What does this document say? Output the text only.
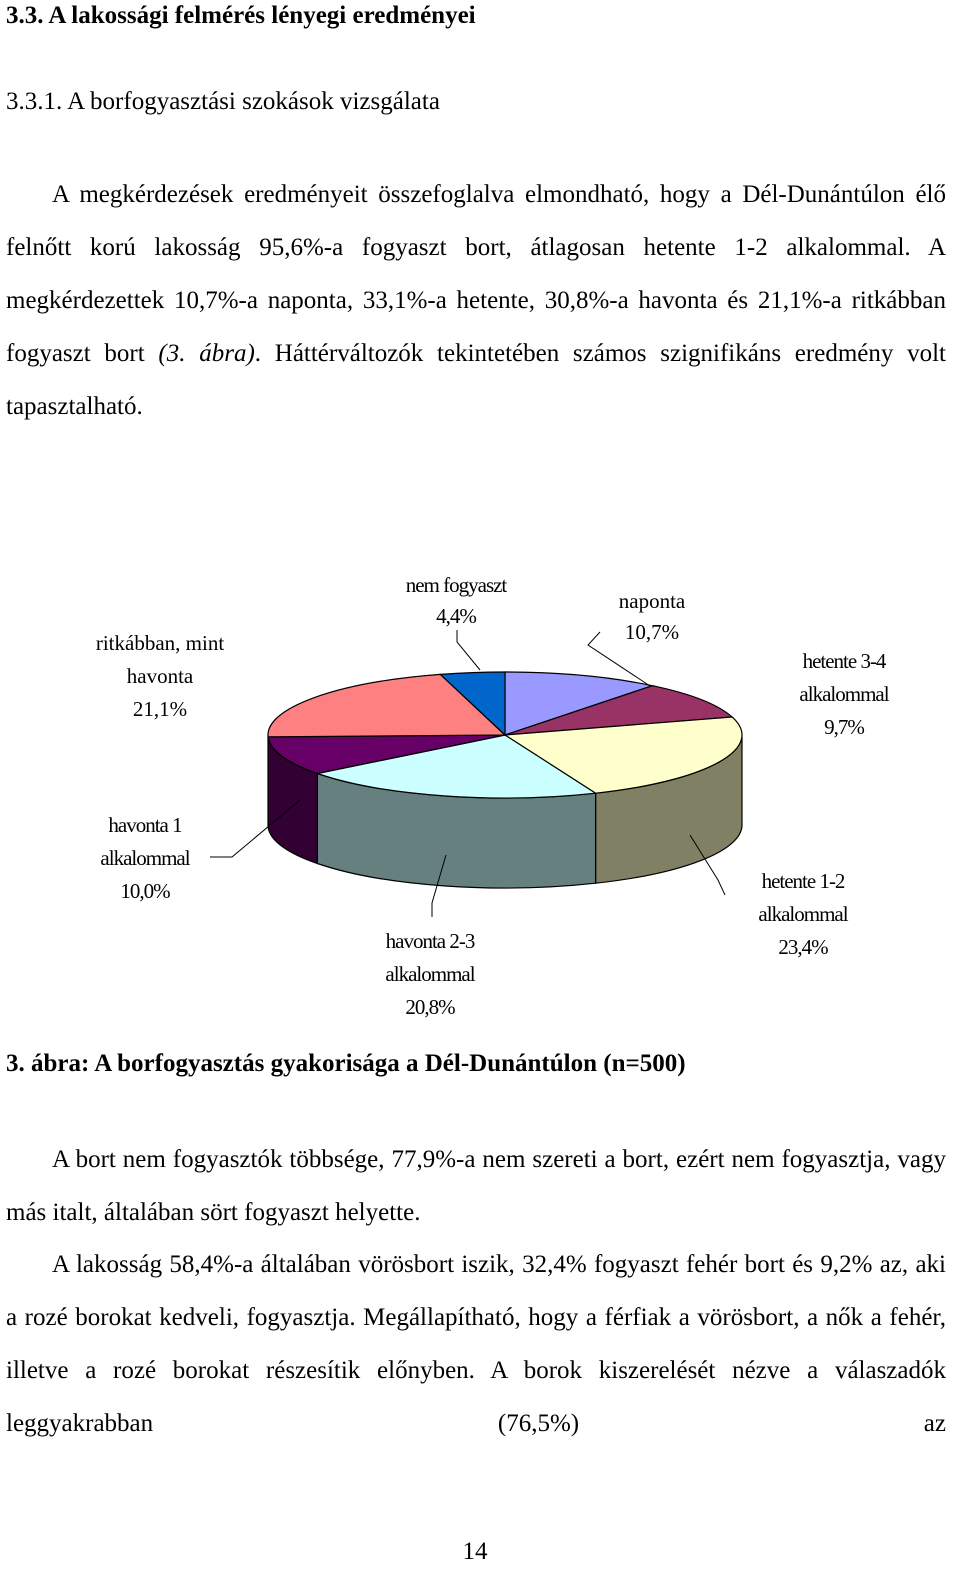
3.3. A lakossági felmérés lényegi eredményei
3.3.1. A borfogyasztási szokások vizsgálata
A megkérdezések eredményeit összefoglalva elmondható, hogy a Dél-Dunántúlon élő felnőtt korú lakosság 95,6%-a fogyaszt bort, átlagosan hetente 1-2 alkalommal. A megkérdezettek 10,7%-a naponta, 33,1%-a hetente, 30,8%-a havonta és 21,1%-a ritkábban fogyaszt bort (3. ábra). Háttérváltozók tekintetében számos szignifikáns eredmény volt tapasztalható.
naponta 10,7%
hetente 3-4 alkalommal 9,7%
hetente 1-2 alkalommal 23,4%
havonta 2-3 alkalommal 20,8%
havonta 1 alkalommal 10,0%
ritkábban, mint havonta 21,1%
nem fogyaszt 4,4%
3. ábra: A borfogyasztás gyakorisága a Dél-Dunántúlon (n=500)
A bort nem fogyasztók többsége, 77,9%-a nem szereti a bort, ezért nem fogyasztja, vagy más italt, általában sört fogyaszt helyette.
A lakosság 58,4%-a általában vörösbort iszik, 32,4% fogyaszt fehér bort és 9,2% az, aki a rozé borokat kedveli, fogyasztja. Megállapítható, hogy a férfiak a vörösbort, a nők a fehér, illetve a rozé borokat részesítik előnyben. A borok kiszerelését nézve a válaszadók leggyakrabban (76,5%) az
14
